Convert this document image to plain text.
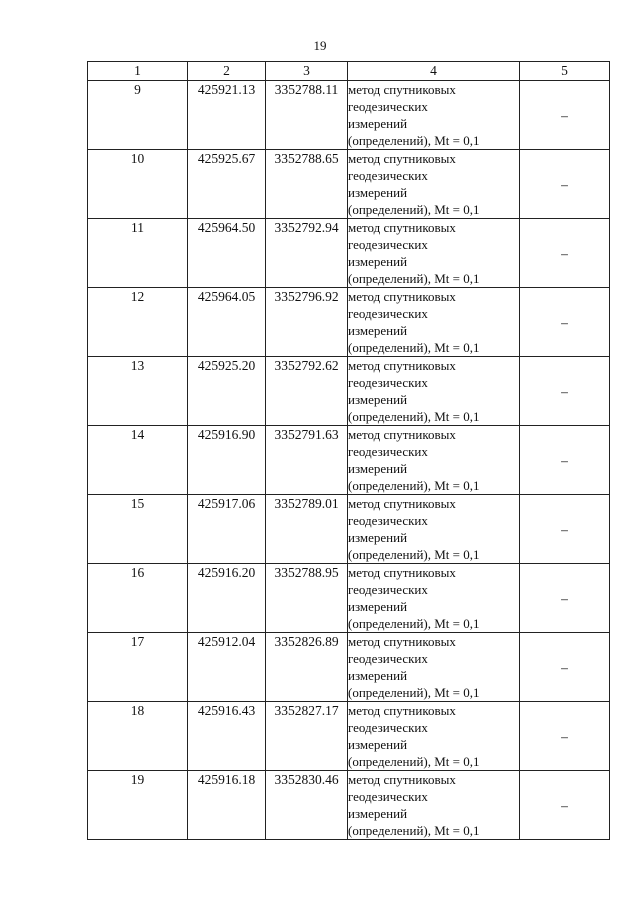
19
1	2	3	4	5
9	425921.13	3352788.11	метод спутниковых
геодезических
измерений
(определений), Mt = 0,1	–
10	425925.67	3352788.65	метод спутниковых
геодезических
измерений
(определений), Mt = 0,1	–
11	425964.50	3352792.94	метод спутниковых
геодезических
измерений
(определений), Mt = 0,1	–
12	425964.05	3352796.92	метод спутниковых
геодезических
измерений
(определений), Mt = 0,1	–
13	425925.20	3352792.62	метод спутниковых
геодезических
измерений
(определений), Mt = 0,1	–
14	425916.90	3352791.63	метод спутниковых
геодезических
измерений
(определений), Mt = 0,1	–
15	425917.06	3352789.01	метод спутниковых
геодезических
измерений
(определений), Mt = 0,1	–
16	425916.20	3352788.95	метод спутниковых
геодезических
измерений
(определений), Mt = 0,1	–
17	425912.04	3352826.89	метод спутниковых
геодезических
измерений
(определений), Mt = 0,1	–
18	425916.43	3352827.17	метод спутниковых
геодезических
измерений
(определений), Mt = 0,1	–
19	425916.18	3352830.46	метод спутниковых
геодезических
измерений
(определений), Mt = 0,1	–
